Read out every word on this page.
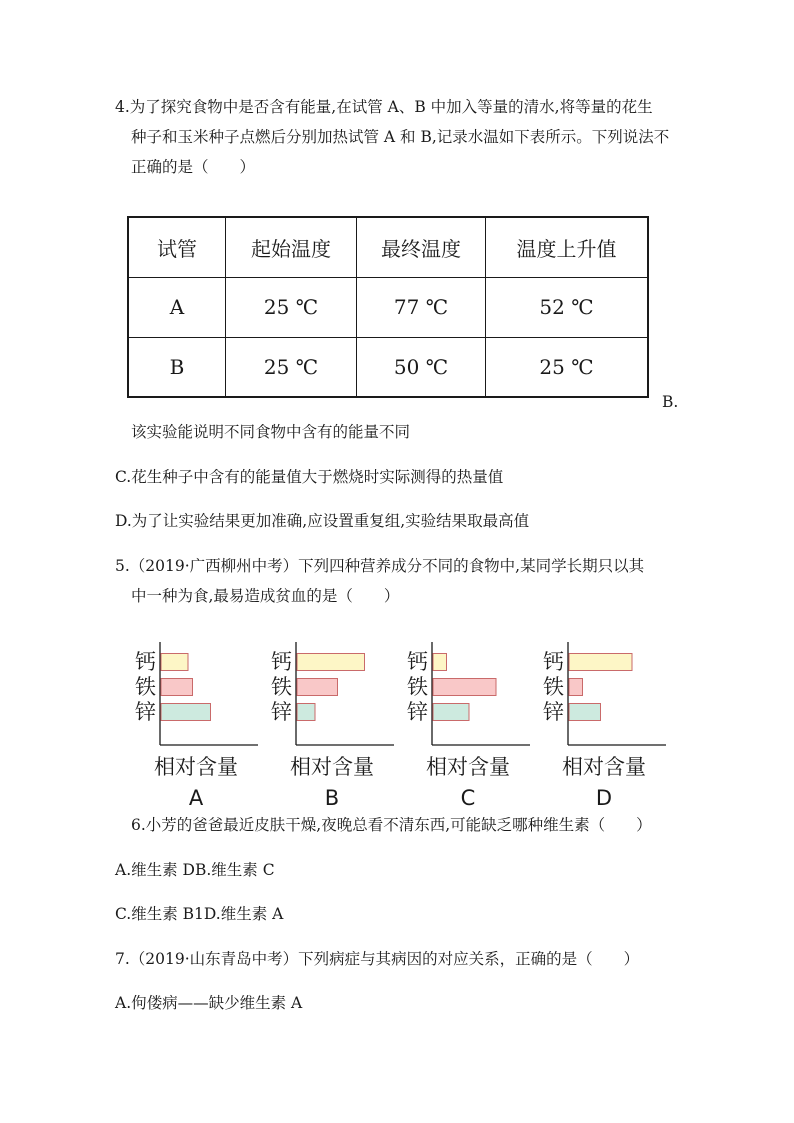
4.为了探究食物中是否含有能量,在试管 A、B 中加入等量的清水,将等量的花生
种子和玉米种子点燃后分别加热试管 A 和 B,记录水温如下表所示。下列说法不
正确的是（　　）
试管	起始温度	最终温度	温度上升值
A	25 ℃	77 ℃	52 ℃
B	25 ℃	50 ℃	25 ℃
B.
该实验能说明不同食物中含有的能量不同
C.花生种子中含有的能量值大于燃烧时实际测得的热量值
D.为了让实验结果更加准确,应设置重复组,实验结果取最高值
5.（2019·广西柳州中考）下列四种营养成分不同的食物中,某同学长期只以其
中一种为食,最易造成贫血的是（　　）
钙
铁
锌
相对含量
A
钙
铁
锌
相对含量
B
钙
铁
锌
相对含量
C
钙
铁
锌
相对含量
D
6.小芳的爸爸最近皮肤干燥,夜晚总看不清东西,可能缺乏哪种维生素（　　）
A.维生素 DB.维生素 C
C.维生素 B1D.维生素 A
7.（2019·山东青岛中考）下列病症与其病因的对应关系，正确的是（　　）
A.佝偻病——缺少维生素 A
